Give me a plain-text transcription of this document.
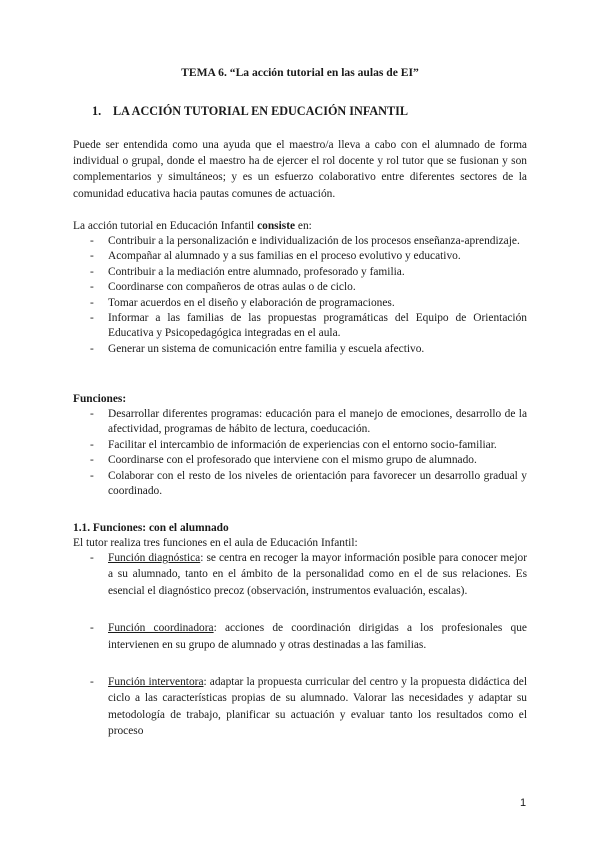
TEMA 6. “La acción tutorial en las aulas de EI”
1. LA ACCIÓN TUTORIAL EN EDUCACIÓN INFANTIL
Puede ser entendida como una ayuda que el maestro/a lleva a cabo con el alumnado de forma individual o grupal, donde el maestro ha de ejercer el rol docente y rol tutor que se fusionan y son complementarios y simultáneos; y es un esfuerzo colaborativo entre diferentes sectores de la comunidad educativa hacia pautas comunes de actuación.
La acción tutorial en Educación Infantil consiste en:
- Contribuir a la personalización e individualización de los procesos enseñanza-aprendizaje.
- Acompañar al alumnado y a sus familias en el proceso evolutivo y educativo.
- Contribuir a la mediación entre alumnado, profesorado y familia.
- Coordinarse con compañeros de otras aulas o de ciclo.
- Tomar acuerdos en el diseño y elaboración de programaciones.
- Informar a las familias de las propuestas programáticas del Equipo de Orientación Educativa y Psicopedagógica integradas en el aula.
- Generar un sistema de comunicación entre familia y escuela afectivo.
Funciones:
- Desarrollar diferentes programas: educación para el manejo de emociones, desarrollo de la afectividad, programas de hábito de lectura, coeducación.
- Facilitar el intercambio de información de experiencias con el entorno socio-familiar.
- Coordinarse con el profesorado que interviene con el mismo grupo de alumnado.
- Colaborar con el resto de los niveles de orientación para favorecer un desarrollo gradual y coordinado.
1.1. Funciones: con el alumnado
El tutor realiza tres funciones en el aula de Educación Infantil:
- Función diagnóstica: se centra en recoger la mayor información posible para conocer mejor a su alumnado, tanto en el ámbito de la personalidad como en el de sus relaciones. Es esencial el diagnóstico precoz (observación, instrumentos evaluación, escalas).
- Función coordinadora: acciones de coordinación dirigidas a los profesionales que intervienen en su grupo de alumnado y otras destinadas a las familias.
- Función interventora: adaptar la propuesta curricular del centro y la propuesta didáctica del ciclo a las características propias de su alumnado. Valorar las necesidades y adaptar su metodología de trabajo, planificar su actuación y evaluar tanto los resultados como el proceso
1
